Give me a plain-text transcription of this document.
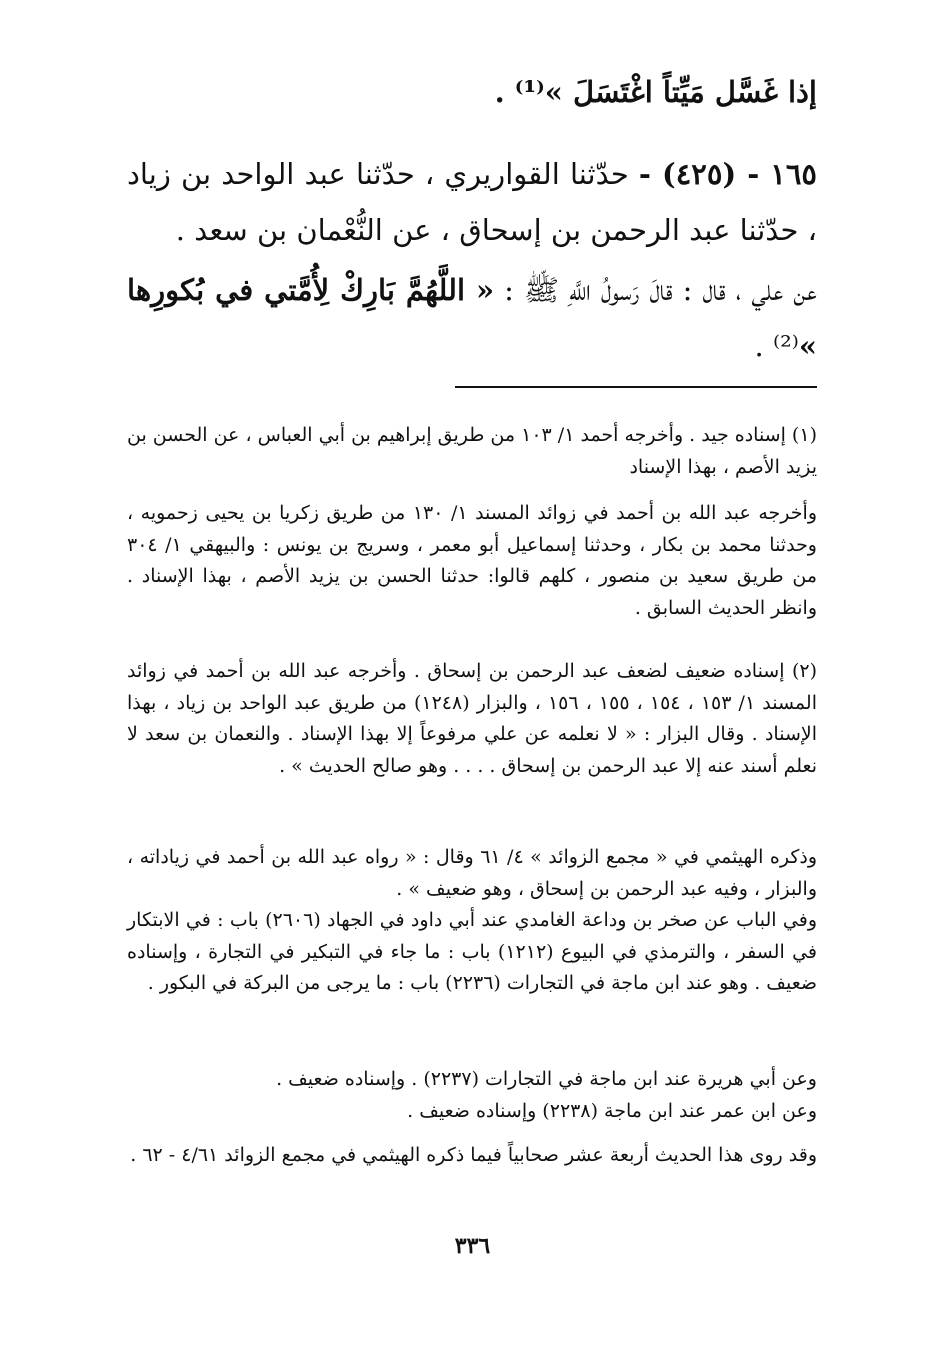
إذا غَسَّل مَيِّتاً اغْتَسَلَ »⁽¹⁾ .

١٦٥ - (٤٢٥) - حدّثنا القواريري ، حدّثنا عبد الواحد بن زياد ، حدّثنا عبد الرحمن بن إسحاق ، عن النُّعْمان بن سعد .

عن علي ، قال : قالَ رَسولُ اللَّهِ ﷺ : « اللَّهُمَّ بَارِكْ لِأُمَّتي في بُكورِها »⁽²⁾ .

(١) إسناده جيد . وأخرجه أحمد ١/ ١٠٣ من طريق إبراهيم بن أبي العباس ، عن الحسن بن يزيد الأصم ، بهذا الإسناد

وأخرجه عبد الله بن أحمد في زوائد المسند ١/ ١٣٠ من طريق زكريا بن يحيى زحمويه ، وحدثنا محمد بن بكار ، وحدثنا إسماعيل أبو معمر ، وسريج بن يونس : والبيهقي ١/ ٣٠٤ من طريق سعيد بن منصور ، كلهم قالوا: حدثنا الحسن بن يزيد الأصم ، بهذا الإسناد . وانظر الحديث السابق .

(٢) إسناده ضعيف لضعف عبد الرحمن بن إسحاق . وأخرجه عبد الله بن أحمد في زوائد المسند ١/ ١٥٣ ، ١٥٤ ، ١٥٥ ، ١٥٦ ، والبزار (١٢٤٨) من طريق عبد الواحد بن زياد ، بهذا الإسناد . وقال البزار : « لا نعلمه عن علي مرفوعاً إلا بهذا الإسناد . والنعمان بن سعد لا نعلم أسند عنه إلا عبد الرحمن بن إسحاق . . . . وهو صالح الحديث » .

وذكره الهيثمي في « مجمع الزوائد » ٤/ ٦١ وقال : « رواه عبد الله بن أحمد في زياداته ، والبزار ، وفيه عبد الرحمن بن إسحاق ، وهو ضعيف » .

وفي الباب عن صخر بن وداعة الغامدي عند أبي داود في الجهاد (٢٦٠٦) باب : في الابتكار في السفر ، والترمذي في البيوع (١٢١٢) باب : ما جاء في التبكير في التجارة ، وإسناده ضعيف . وهو عند ابن ماجة في التجارات (٢٢٣٦) باب : ما يرجى من البركة في البكور .

وعن أبي هريرة عند ابن ماجة في التجارات (٢٢٣٧) . وإسناده ضعيف .

وعن ابن عمر عند ابن ماجة (٢٢٣٨) وإسناده ضعيف .

وقد روى هذا الحديث أربعة عشر صحابياً فيما ذكره الهيثمي في مجمع الزوائد ٤/٦١ - ٦٢ .

٣٣٦
